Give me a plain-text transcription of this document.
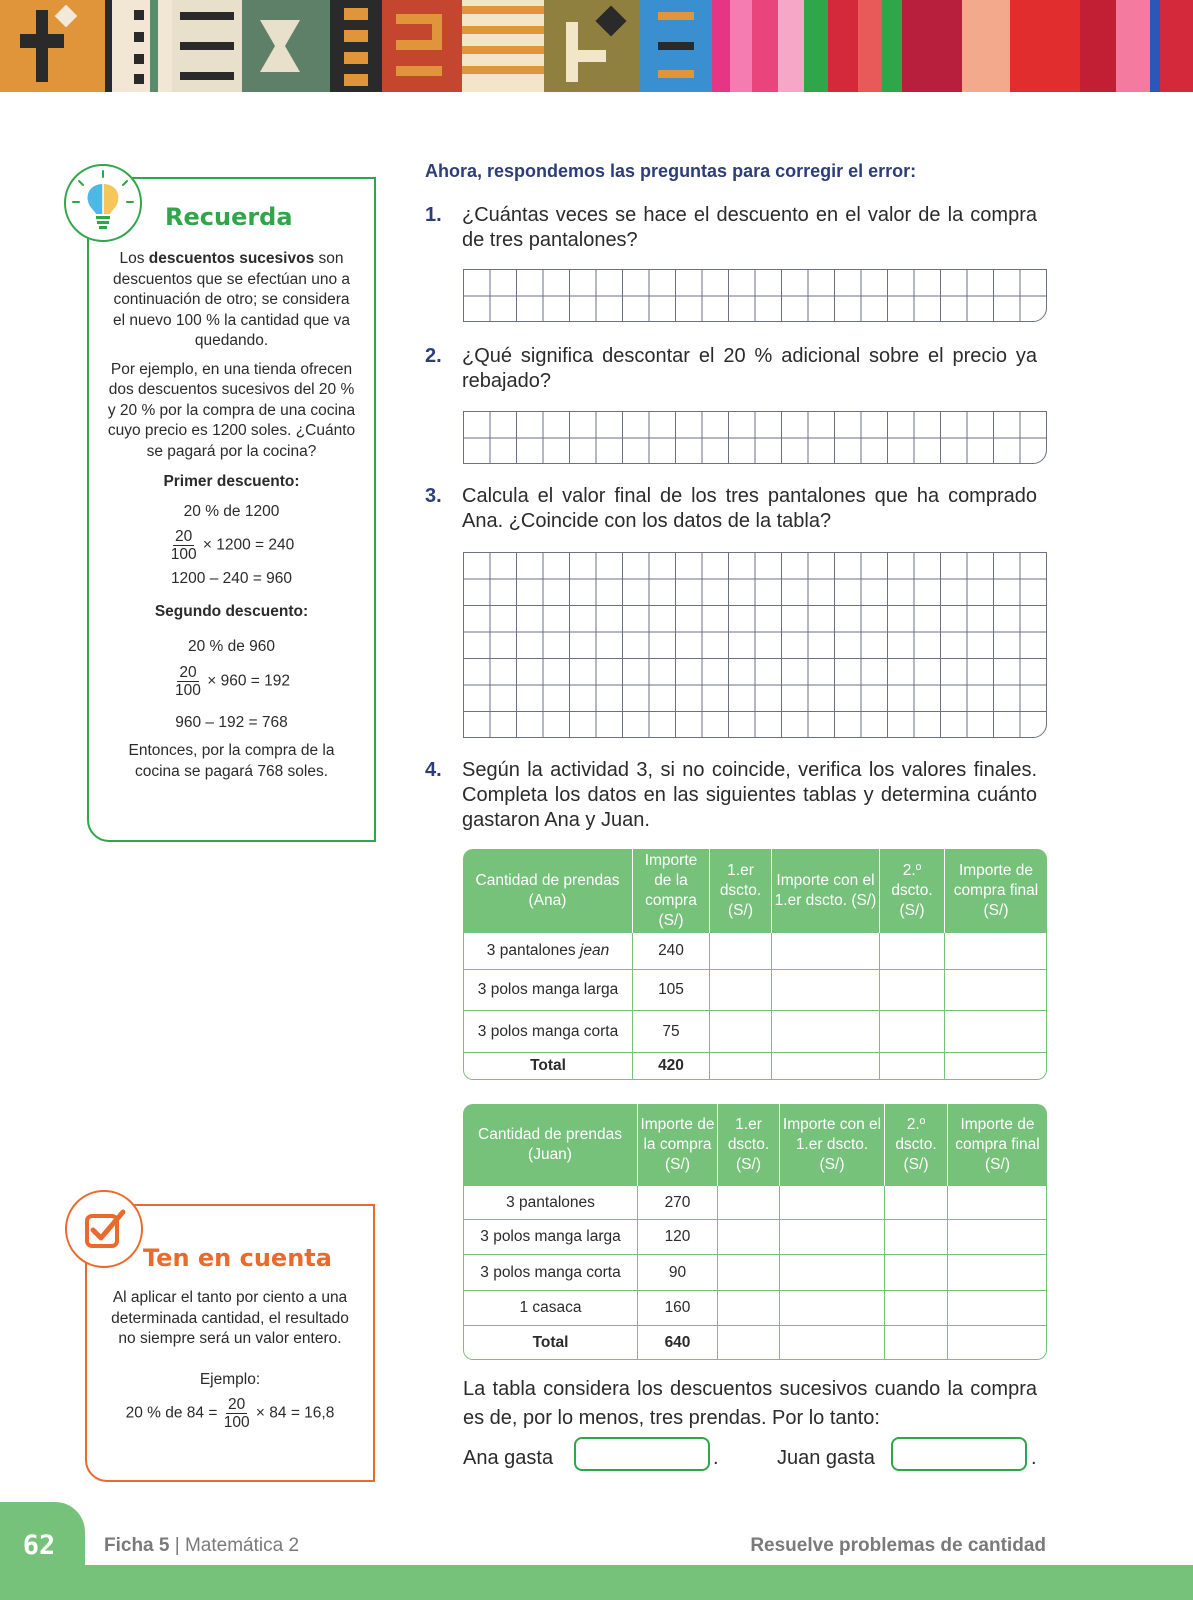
Recuerda

Los descuentos sucesivos son descuentos que se efectúan uno a continuación de otro; se considera el nuevo 100 % la cantidad que va quedando.

Por ejemplo, en una tienda ofrecen dos descuentos sucesivos del 20 % y 20 % por la compra de una cocina cuyo precio es 1200 soles. ¿Cuánto se pagará por la cocina?

Primer descuento:
20 % de 1200
$\frac{20}{100} \times 1200 = 240$
1200 – 240 = 960
Segundo descuento:
20 % de 960
$\frac{20}{100} \times 960 = 192$
960 – 192 = 768
Entonces, por la compra de la cocina se pagará 768 soles.
Ten en cuenta
Al aplicar el tanto por ciento a una determinada cantidad, el resultado no siempre será un valor entero.
Ejemplo:
20 % de $84 = \frac{20}{100} \times 84 = 16,8$
Ahora, respondemos las preguntas para corregir el error:
1. ¿Cuántas veces se hace el descuento en el valor de la compra de tres pantalones?
2. ¿Qué significa descontar el 20 % adicional sobre el precio ya rebajado?
3. Calcula el valor final de los tres pantalones que ha comprado Ana. ¿Coincide con los datos de la tabla?
4. Según la actividad 3, si no coincide, verifica los valores finales. Completa los datos en las siguientes tablas y determina cuánto gastaron Ana y Juan.
Cantidad de prendas (Ana)	Importe de la compra (S/)	1.er dscto. (S/)	Importe con el 1.er dscto. (S/)	2.º dscto. (S/)	Importe de compra final (S/)
3 pantalones jean	240				
3 polos manga larga	105				
3 polos manga corta	75				
Total	420				
Cantidad de prendas (Juan)	Importe de la compra (S/)	1.er dscto. (S/)	Importe con el 1.er dscto. (S/)	2.º dscto. (S/)	Importe de compra final (S/)
3 pantalones	270				
3 polos manga larga	120				
3 polos manga corta	90				
1 casaca	160				
Total	640				
La tabla considera los descuentos sucesivos cuando la compra es de, por lo menos, tres prendas. Por lo tanto:
Ana gasta	.	Juan gasta	.
62	Ficha 5 | Matemática 2	Resuelve problemas de cantidad
